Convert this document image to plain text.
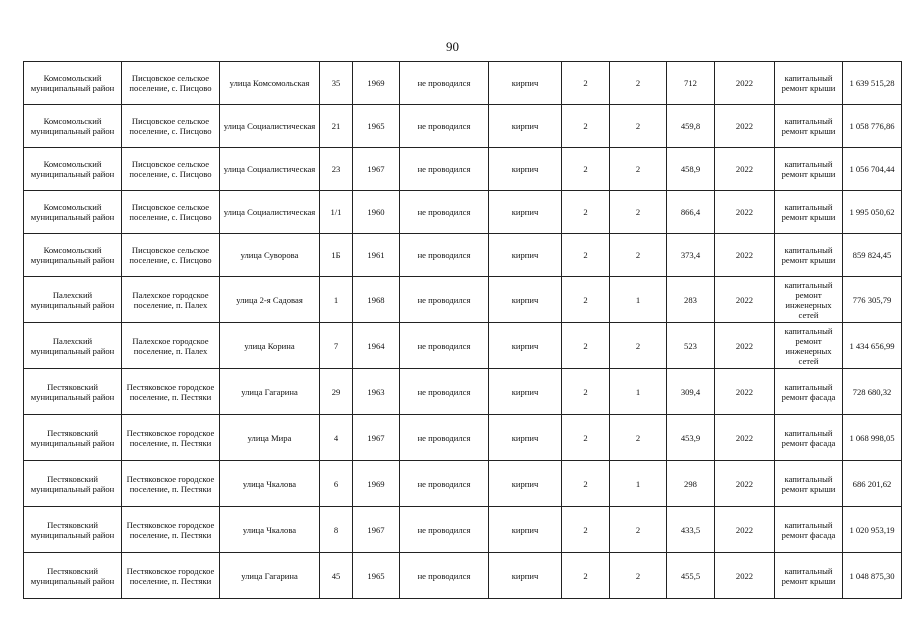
90
Комсомольский муниципальный район	Писцовское сельское поселение, с. Писцово	улица Комсомольская	35	1969	не проводился	кирпич	2	2	712	2022	капитальный ремонт крыши	1 639 515,28
Комсомольский муниципальный район	Писцовское сельское поселение, с. Писцово	улица Социалистическая	21	1965	не проводился	кирпич	2	2	459,8	2022	капитальный ремонт крыши	1 058 776,86
Комсомольский муниципальный район	Писцовское сельское поселение, с. Писцово	улица Социалистическая	23	1967	не проводился	кирпич	2	2	458,9	2022	капитальный ремонт крыши	1 056 704,44
Комсомольский муниципальный район	Писцовское сельское поселение, с. Писцово	улица Социалистическая	1/1	1960	не проводился	кирпич	2	2	866,4	2022	капитальный ремонт крыши	1 995 050,62
Комсомольский муниципальный район	Писцовское сельское поселение, с. Писцово	улица Суворова	1Б	1961	не проводился	кирпич	2	2	373,4	2022	капитальный ремонт крыши	859 824,45
Палехский муниципальный район	Палехское городское поселение, п. Палех	улица 2-я Садовая	1	1968	не проводился	кирпич	2	1	283	2022	капитальный ремонт инженерных сетей	776 305,79
Палехский муниципальный район	Палехское городское поселение, п. Палех	улица Корина	7	1964	не проводился	кирпич	2	2	523	2022	капитальный ремонт инженерных сетей	1 434 656,99
Пестяковский муниципальный район	Пестяковское городское поселение, п. Пестяки	улица Гагарина	29	1963	не проводился	кирпич	2	1	309,4	2022	капитальный ремонт фасада	728 680,32
Пестяковский муниципальный район	Пестяковское городское поселение, п. Пестяки	улица Мира	4	1967	не проводился	кирпич	2	2	453,9	2022	капитальный ремонт фасада	1 068 998,05
Пестяковский муниципальный район	Пестяковское городское поселение, п. Пестяки	улица Чкалова	6	1969	не проводился	кирпич	2	1	298	2022	капитальный ремонт крыши	686 201,62
Пестяковский муниципальный район	Пестяковское городское поселение, п. Пестяки	улица Чкалова	8	1967	не проводился	кирпич	2	2	433,5	2022	капитальный ремонт фасада	1 020 953,19
Пестяковский муниципальный район	Пестяковское городское поселение, п. Пестяки	улица Гагарина	45	1965	не проводился	кирпич	2	2	455,5	2022	капитальный ремонт крыши	1 048 875,30
